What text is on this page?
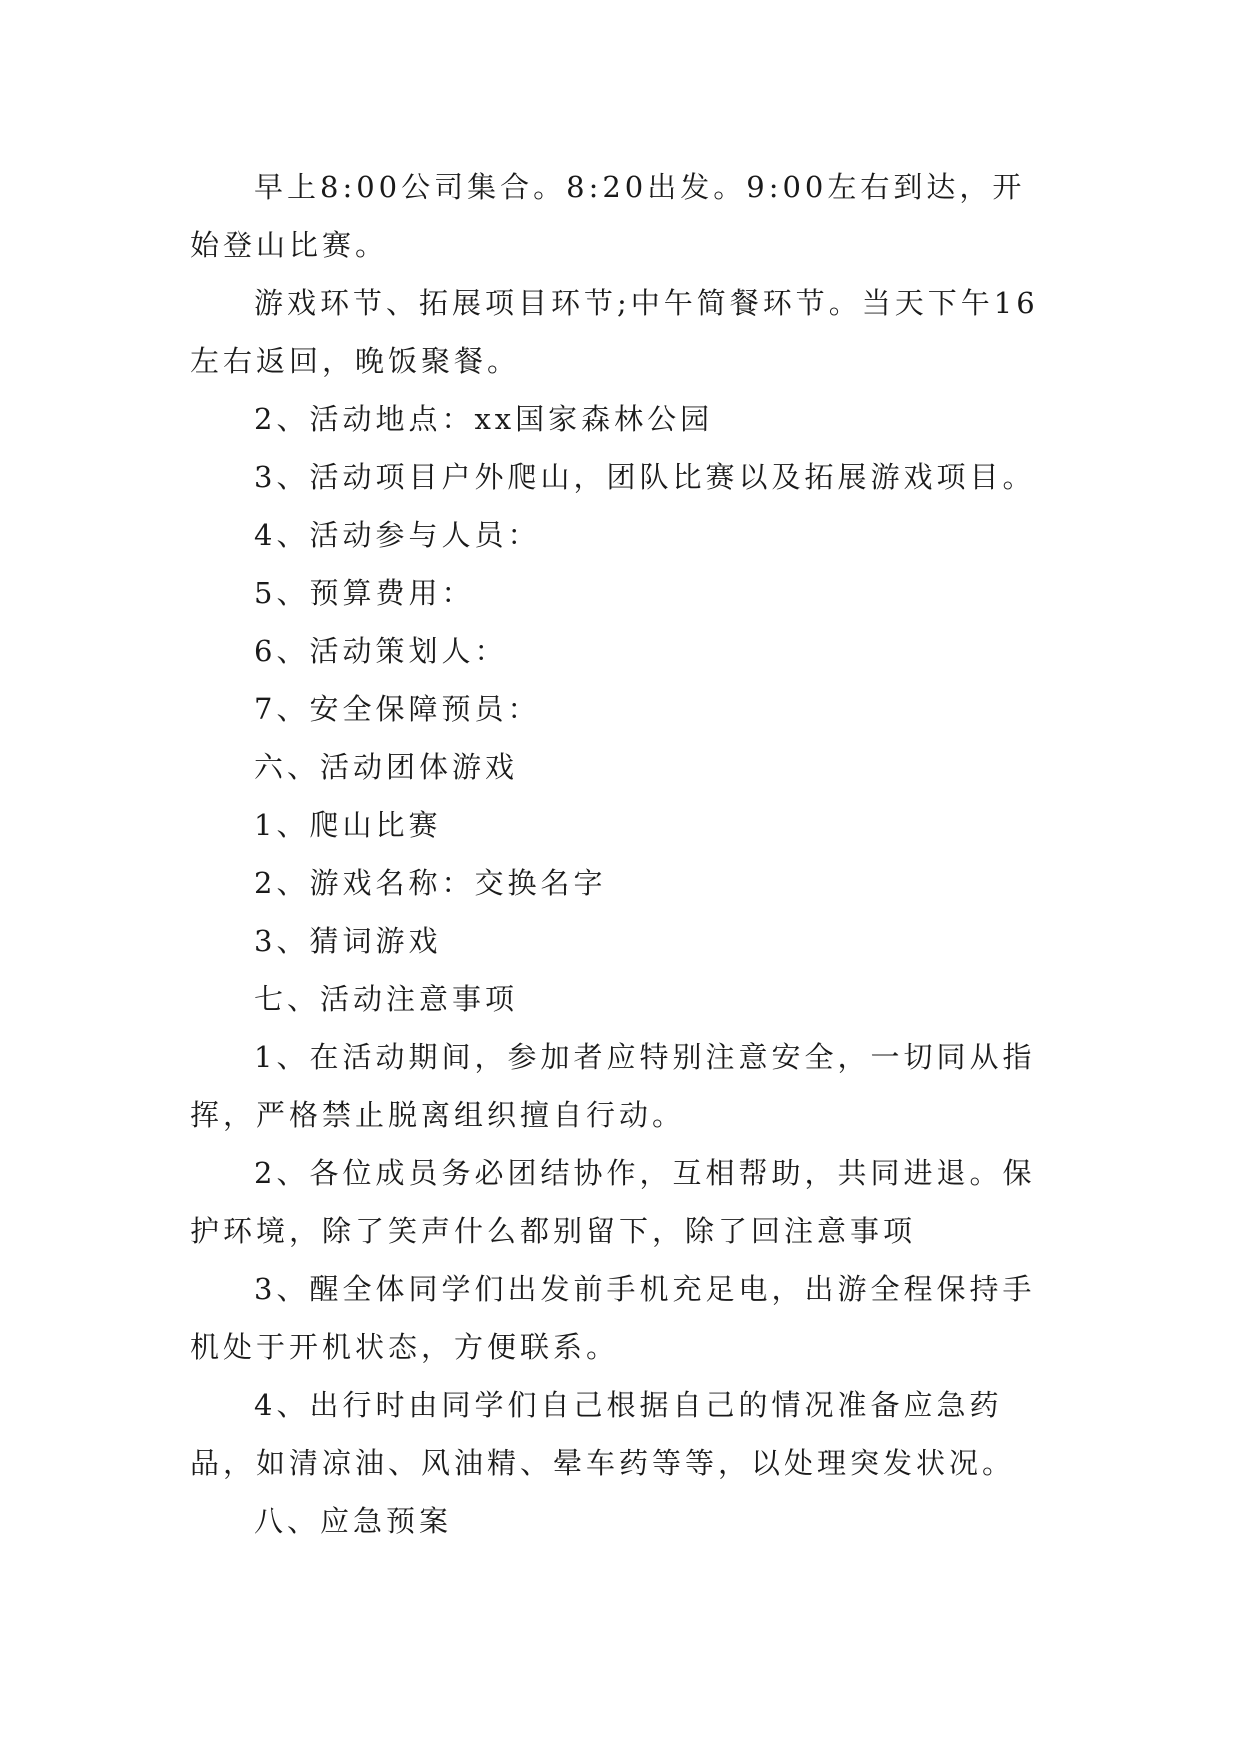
早上8:00公司集合。8:20出发。9:00左右到达，开始登山比赛。

游戏环节、拓展项目环节;中午简餐环节。当天下午16左右返回，晚饭聚餐。

2、活动地点：xx国家森林公园

3、活动项目户外爬山，团队比赛以及拓展游戏项目。

4、活动参与人员：

5、预算费用：

6、活动策划人：

7、安全保障预员：

六、活动团体游戏

1、爬山比赛

2、游戏名称：交换名字

3、猜词游戏

七、活动注意事项

1、在活动期间，参加者应特别注意安全，一切同从指挥，严格禁止脱离组织擅自行动。

2、各位成员务必团结协作，互相帮助，共同进退。保护环境，除了笑声什么都别留下，除了回注意事项

3、醒全体同学们出发前手机充足电，出游全程保持手机处于开机状态，方便联系。

4、出行时由同学们自己根据自己的情况准备应急药品，如清凉油、风油精、晕车药等等，以处理突发状况。

八、应急预案
